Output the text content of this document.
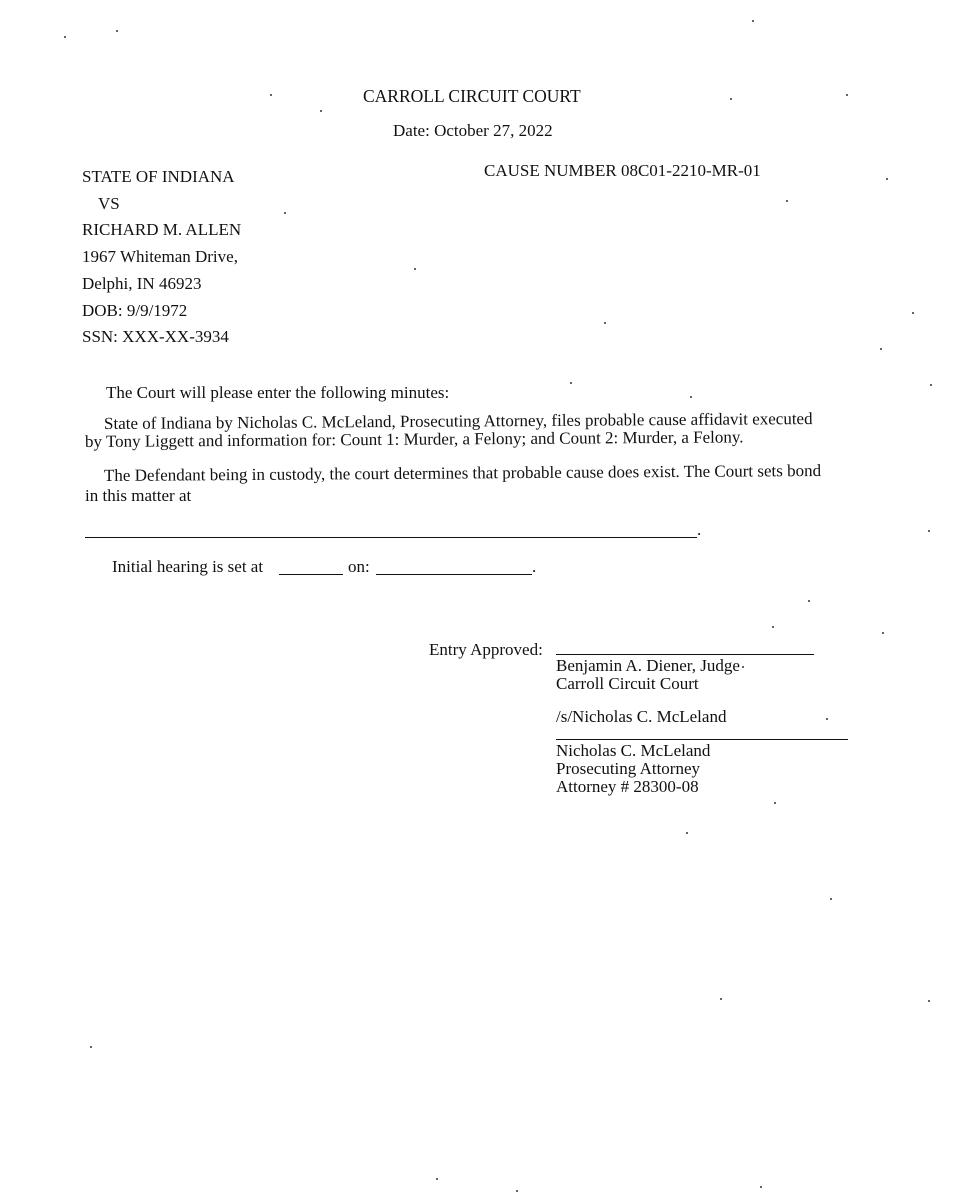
CARROLL CIRCUIT COURT
Date: October 27, 2022
STATE OF INDIANA
VS
RICHARD M. ALLEN
1967 Whiteman Drive,
Delphi, IN 46923
DOB: 9/9/1972
SSN: XXX-XX-3934
CAUSE NUMBER 08C01-2210-MR-01
The Court will please enter the following minutes:
State of Indiana by Nicholas C. McLeland, Prosecuting Attorney, files probable cause affidavit executed
by Tony Liggett and information for: Count 1: Murder, a Felony; and Count 2: Murder, a Felony.
The Defendant being in custody, the court determines that probable cause does exist. The Court sets bond
in this matter at
.
Initial hearing is set at	on:	.
Entry Approved:
Benjamin A. Diener, Judge
Carroll Circuit Court
/s/Nicholas C. McLeland
Nicholas C. McLeland
Prosecuting Attorney
Attorney # 28300-08
